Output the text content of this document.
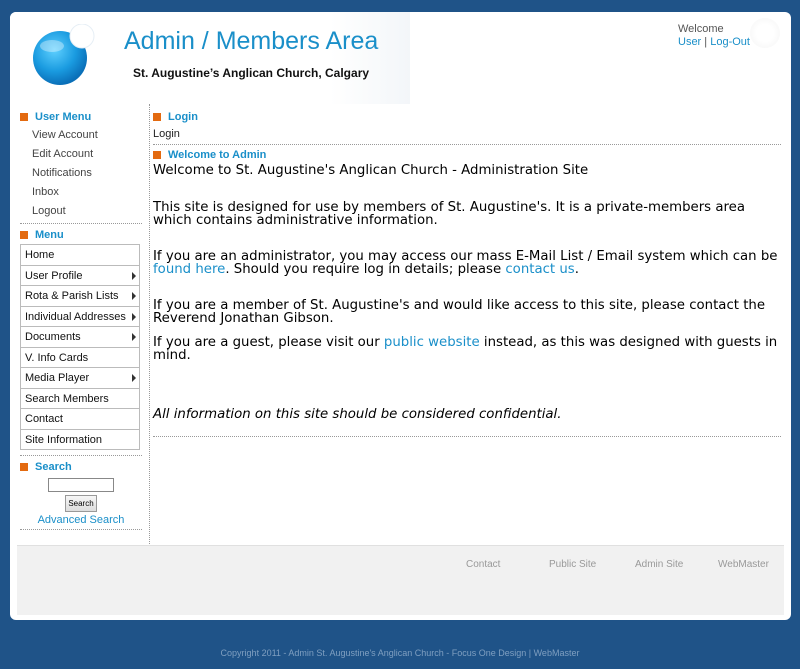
Admin / Members Area
St. Augustine’s Anglican Church, Calgary
Welcome
User | Log-Out
User Menu
View Account
Edit Account
Notifications
Inbox
Logout
Menu
Home
User Profile
Rota & Parish Lists
Individual Addresses
Documents
V. Info Cards
Media Player
Search Members
Contact
Site Information
Search
Search
Advanced Search
Login
Login
Welcome to Admin

Welcome to St. Augustine's Anglican Church - Administration Site

This site is designed for use by members of St. Augustine's. It is a private-members area which contains administrative information.

If you are an administrator, you may access our mass E-Mail List / Email system which can be found here. Should you require log in details; please contact us.

If you are a member of St. Augustine's and would like access to this site, please contact the Reverend Jonathan Gibson.

If you are a guest, please visit our public website instead, as this was designed with guests in mind.

All information on this site should be considered confidential.

Contact	Public Site	Admin Site	WebMaster
Copyright 2011 - Admin St. Augustine's Anglican Church - Focus One Design | WebMaster
